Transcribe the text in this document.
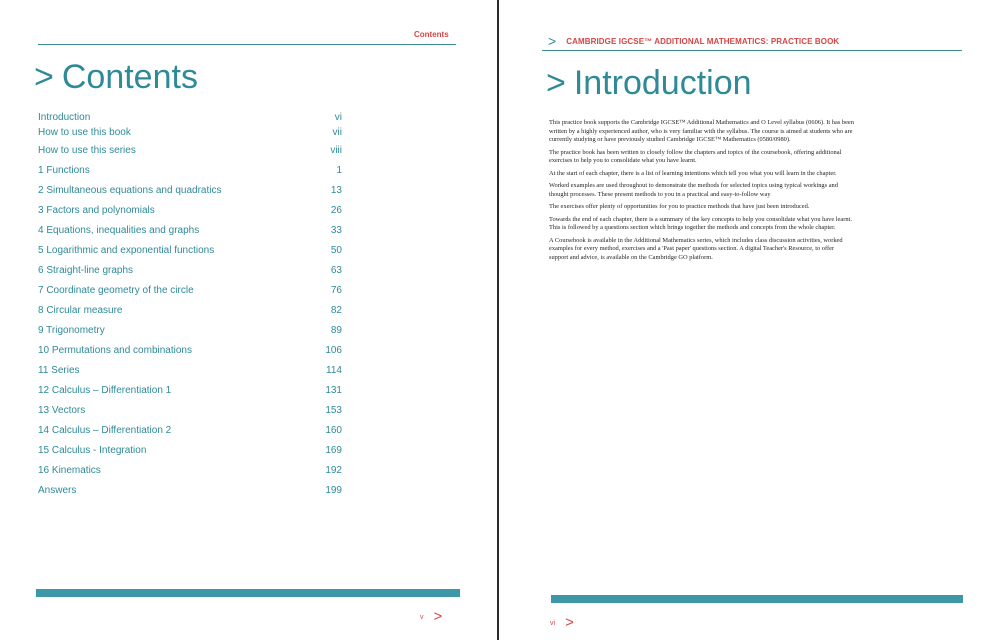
Contents
> Contents
Introduction	vi
How to use this book	vii
How to use this series	viii
1 Functions	1
2 Simultaneous equations and quadratics	13
3 Factors and polynomials	26
4 Equations, inequalities and graphs	33
5 Logarithmic and exponential functions	50
6 Straight-line graphs	63
7 Coordinate geometry of the circle	76
8 Circular measure	82
9 Trigonometry	89
10 Permutations and combinations	106
11 Series	114
12 Calculus – Differentiation 1	131
13 Vectors	153
14 Calculus – Differentiation 2	160
15 Calculus - Integration	169
16 Kinematics	192
Answers	199
v >
> CAMBRIDGE IGCSE™ ADDITIONAL MATHEMATICS: PRACTICE BOOK
> Introduction

This practice book supports the Cambridge IGCSE™ Additional Mathematics and O Level syllabus (0606). It has been written by a highly experienced author, who is very familiar with the syllabus. The course is aimed at students who are currently studying or have previously studied Cambridge IGCSE™ Mathematics (0580/0980).

The practice book has been written to closely follow the chapters and topics of the coursebook, offering additional exercises to help you to consolidate what you have learnt.

At the start of each chapter, there is a list of learning intentions which tell you what you will learn in the chapter.

Worked examples are used throughout to demonstrate the methods for selected topics using typical workings and thought processes. These present methods to you in a practical and easy-to-follow way

The exercises offer plenty of opportunities for you to practice methods that have just been introduced.

Towards the end of each chapter, there is a summary of the key concepts to help you consolidate what you have learnt. This is followed by a questions section which brings together the methods and concepts from the whole chapter.

A Coursebook is available in the Additional Mathematics series, which includes class discussion activities, worked examples for every method, exercises and a 'Past paper' questions section. A digital Teacher's Resource, to offer support and advice, is available on the Cambridge GO platform.

vi >
